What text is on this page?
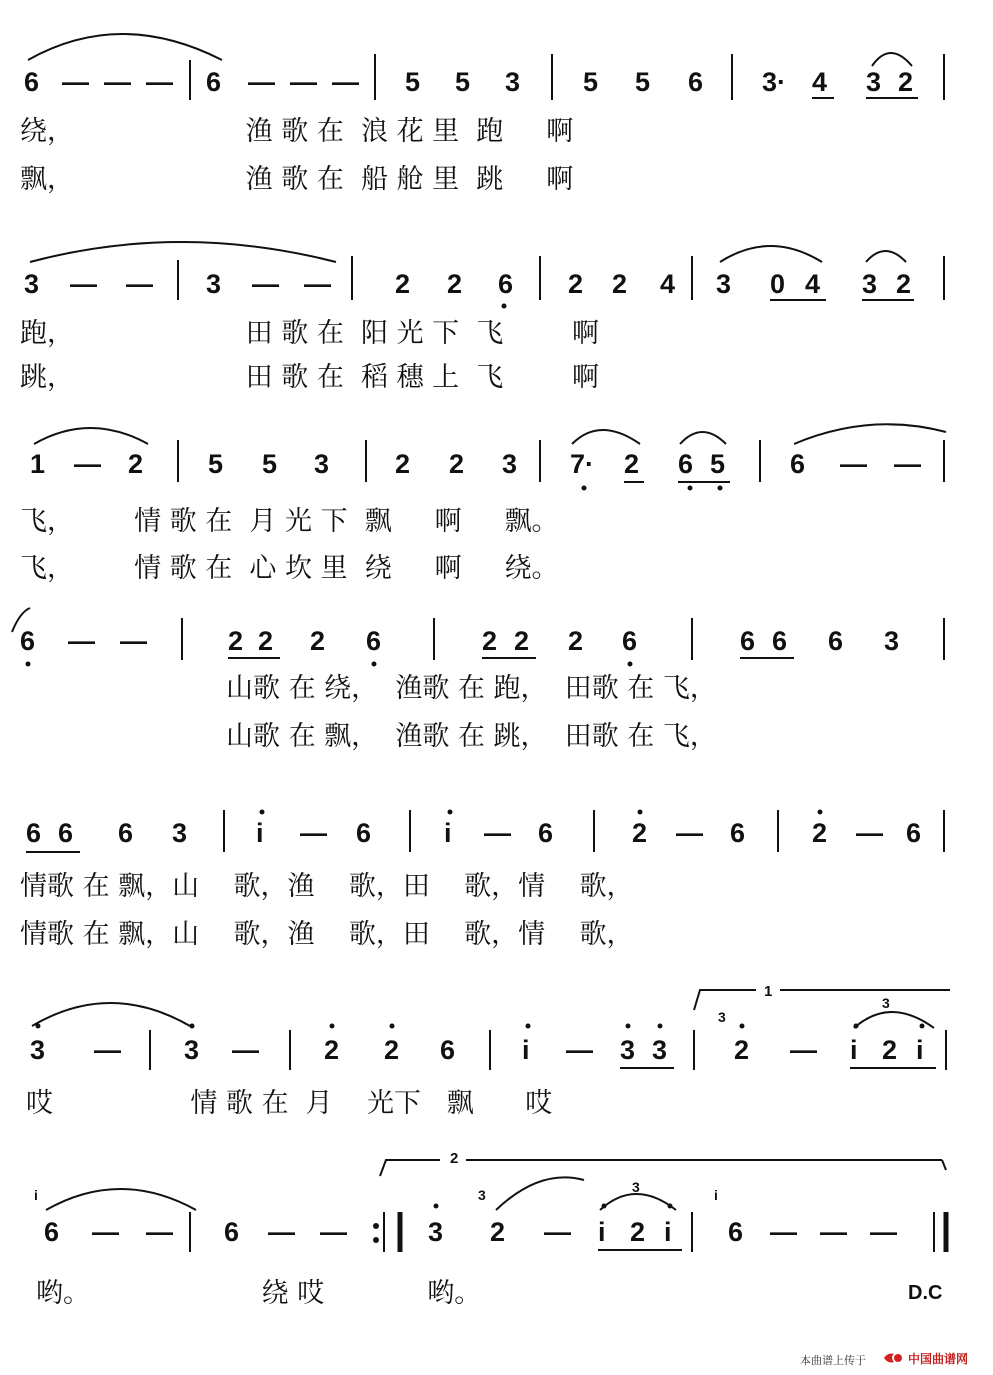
6 — — — 6 — — — 5 5 3 5 5 6 3· 4 3 2
绕，                    渔 歌 在  浪 花 里  跑     啊
飘，                    渔 歌 在  船 舱 里  跳     啊
3 — — 3 — — 2 2 6 2 2 4 3 0 4 3 2
跑，                    田 歌 在  阳 光 下  飞        啊
跳，                    田 歌 在  稻 穗 上  飞        啊
1 — 2 5 5 3 2 2 3 7· 2 6 5 6 — —
飞，       情 歌 在  月 光 下  飘     啊     飘。
飞，       情 歌 在  心 坎 里  绕     啊     绕。
6 — —	2 2 2 6	2 2 2 6	6 6 6 3
山歌 在 绕，  渔歌 在 跑，  田歌 在 飞，
山歌 在 飘，  渔歌 在 跳，  田歌 在 飞，
6 6 6 3	i — 6	i — 6	2 — 6 2 — 6
情歌 在 飘，山    歌，渔    歌，田    歌，情    歌，
情歌 在 飘，山    歌，渔    歌，田    歌，情    歌，
3 — 3 — 2 2 6 i — 3 3 2 — i 2 i
哎                情 歌 在  月    光下   飘      哎
6 — — 6 — —	3 2 — i 2 i 6 — — —
哟。                    绕 哎            哟。	D.C
1
2
本曲谱上传于	中国曲谱网
3
3
i	3	3	i
